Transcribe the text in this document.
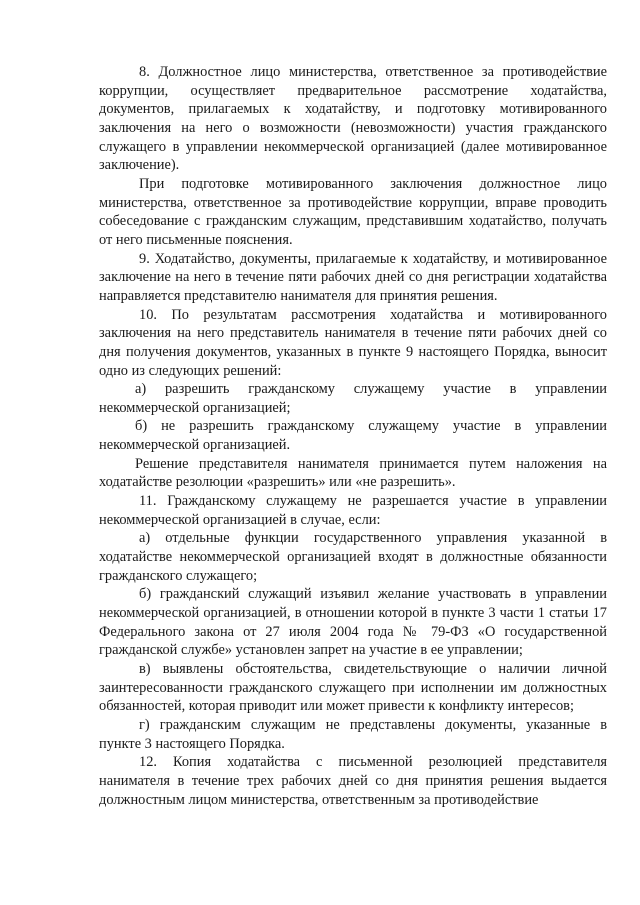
8. Должностное лицо министерства, ответственное за противодействие коррупции, осуществляет предварительное рассмотрение ходатайства, документов, прилагаемых к ходатайству, и подготовку мотивированного заключения на него о возможности (невозможности) участия гражданского служащего в управлении некоммерческой организацией (далее мотивированное заключение).

При подготовке мотивированного заключения должностное лицо министерства, ответственное за противодействие коррупции, вправе проводить собеседование с гражданским служащим, представившим ходатайство, получать от него письменные пояснения.

9. Ходатайство, документы, прилагаемые к ходатайству, и мотивированное заключение на него в течение пяти рабочих дней со дня регистрации ходатайства направляется представителю нанимателя для принятия решения.

10. По результатам рассмотрения ходатайства и мотивированного заключения на него представитель нанимателя в течение пяти рабочих дней со дня получения документов, указанных в пункте 9 настоящего Порядка, выносит одно из следующих решений:

а) разрешить гражданскому служащему участие в управлении некоммерческой организацией;

б) не разрешить гражданскому служащему участие в управлении некоммерческой организацией.

Решение представителя нанимателя принимается путем наложения на ходатайстве резолюции «разрешить» или «не разрешить».

11. Гражданскому служащему не разрешается участие в управлении некоммерческой организацией в случае, если:

а) отдельные функции государственного управления указанной в ходатайстве некоммерческой организацией входят в должностные обязанности гражданского служащего;

б) гражданский служащий изъявил желание участвовать в управлении некоммерческой организацией, в отношении которой в пункте 3 части 1 статьи 17 Федерального закона от 27 июля 2004 года № 79-ФЗ «О государственной гражданской службе» установлен запрет на участие в ее управлении;

в) выявлены обстоятельства, свидетельствующие о наличии личной заинтересованности гражданского служащего при исполнении им должностных обязанностей, которая приводит или может привести к конфликту интересов;

г) гражданским служащим не представлены документы, указанные в пункте 3 настоящего Порядка.

12. Копия ходатайства с письменной резолюцией представителя нанимателя в течение трех рабочих дней со дня принятия решения выдается должностным лицом министерства, ответственным за противодействие
